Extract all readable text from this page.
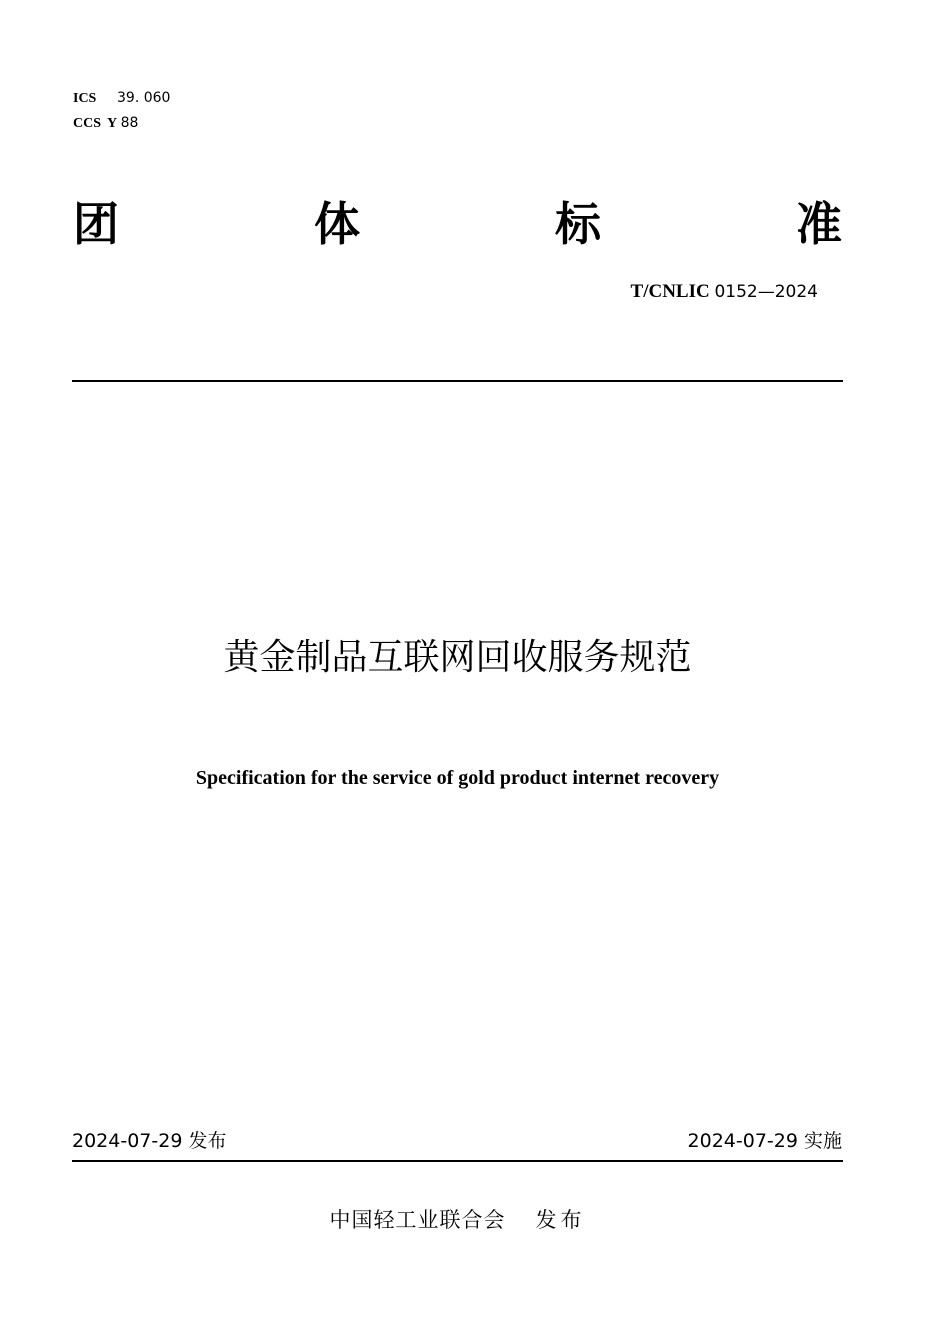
ICS 39. 060
CCS Y 88
团	体	标	准
T/CNLIC 0152—2024
黄金制品互联网回收服务规范
Specification for the service of gold product internet recovery
2024-07-29 发布	2024-07-29 实施
中国轻工业联合会 发布
